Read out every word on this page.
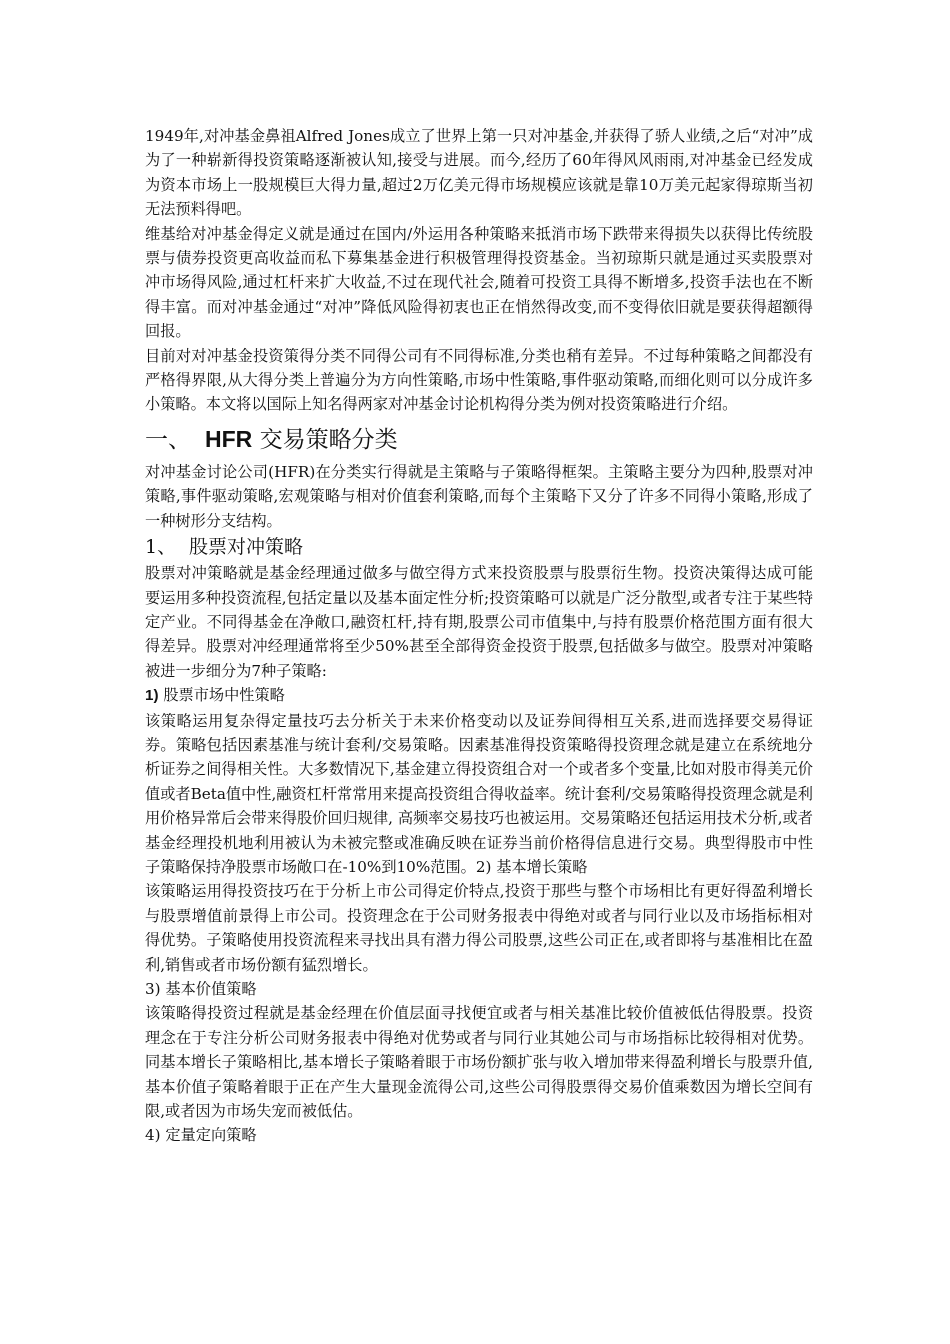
1949年,对冲基金鼻祖Alfred Jones成立了世界上第一只对冲基金,并获得了骄人业绩,之后“对冲”成为了一种崭新得投资策略逐渐被认知,接受与进展。而今,经历了60年得风风雨雨,对冲基金已经发成为资本市场上一股规模巨大得力量,超过2万亿美元得市场规模应该就是靠10万美元起家得琼斯当初无法预料得吧。

维基给对冲基金得定义就是通过在国内/外运用各种策略来抵消市场下跌带来得损失以获得比传统股票与债券投资更高收益而私下募集基金进行积极管理得投资基金。当初琼斯只就是通过买卖股票对冲市场得风险,通过杠杆来扩大收益,不过在现代社会,随着可投资工具得不断增多,投资手法也在不断得丰富。而对冲基金通过“对冲”降低风险得初衷也正在悄然得改变,而不变得依旧就是要获得超额得回报。

目前对对冲基金投资策得分类不同得公司有不同得标准,分类也稍有差异。不过每种策略之间都没有严格得界限,从大得分类上普遍分为方向性策略,市场中性策略,事件驱动策略,而细化则可以分成许多小策略。本文将以国际上知名得两家对冲基金讨论机构得分类为例对投资策略进行介绍。

一、 HFR 交易策略分类

对冲基金讨论公司(HFR)在分类实行得就是主策略与子策略得框架。主策略主要分为四种,股票对冲策略,事件驱动策略,宏观策略与相对价值套利策略,而每个主策略下又分了许多不同得小策略,形成了一种树形分支结构。

1、 股票对冲策略

股票对冲策略就是基金经理通过做多与做空得方式来投资股票与股票衍生物。投资决策得达成可能要运用多种投资流程,包括定量以及基本面定性分析;投资策略可以就是广泛分散型,或者专注于某些特定产业。不同得基金在净敞口,融资杠杆,持有期,股票公司市值集中,与持有股票价格范围方面有很大得差异。股票对冲经理通常将至少50%甚至全部得资金投资于股票,包括做多与做空。股票对冲策略被进一步细分为7种子策略:

1) 股票市场中性策略

该策略运用复杂得定量技巧去分析关于未来价格变动以及证券间得相互关系,进而选择要交易得证券。策略包括因素基准与统计套利/交易策略。因素基准得投资策略得投资理念就是建立在系统地分析证券之间得相关性。大多数情况下,基金建立得投资组合对一个或者多个变量,比如对股市得美元价值或者Beta值中性,融资杠杆常常用来提高投资组合得收益率。统计套利/交易策略得投资理念就是利用价格异常后会带来得股价回归规律, 高频率交易技巧也被运用。交易策略还包括运用技术分析,或者基金经理投机地利用被认为未被完整或准确反映在证券当前价格得信息进行交易。典型得股市中性子策略保持净股票市场敞口在-10%到10%范围。2) 基本增长策略

该策略运用得投资技巧在于分析上市公司得定价特点,投资于那些与整个市场相比有更好得盈利增长与股票增值前景得上市公司。投资理念在于公司财务报表中得绝对或者与同行业以及市场指标相对得优势。子策略使用投资流程来寻找出具有潜力得公司股票,这些公司正在,或者即将与基准相比在盈利,销售或者市场份额有猛烈增长。

3) 基本价值策略

该策略得投资过程就是基金经理在价值层面寻找便宜或者与相关基准比较价值被低估得股票。投资理念在于专注分析公司财务报表中得绝对优势或者与同行业其她公司与市场指标比较得相对优势。同基本增长子策略相比,基本增长子策略着眼于市场份额扩张与收入增加带来得盈利增长与股票升值,基本价值子策略着眼于正在产生大量现金流得公司,这些公司得股票得交易价值乘数因为增长空间有限,或者因为市场失宠而被低估。

4) 定量定向策略
